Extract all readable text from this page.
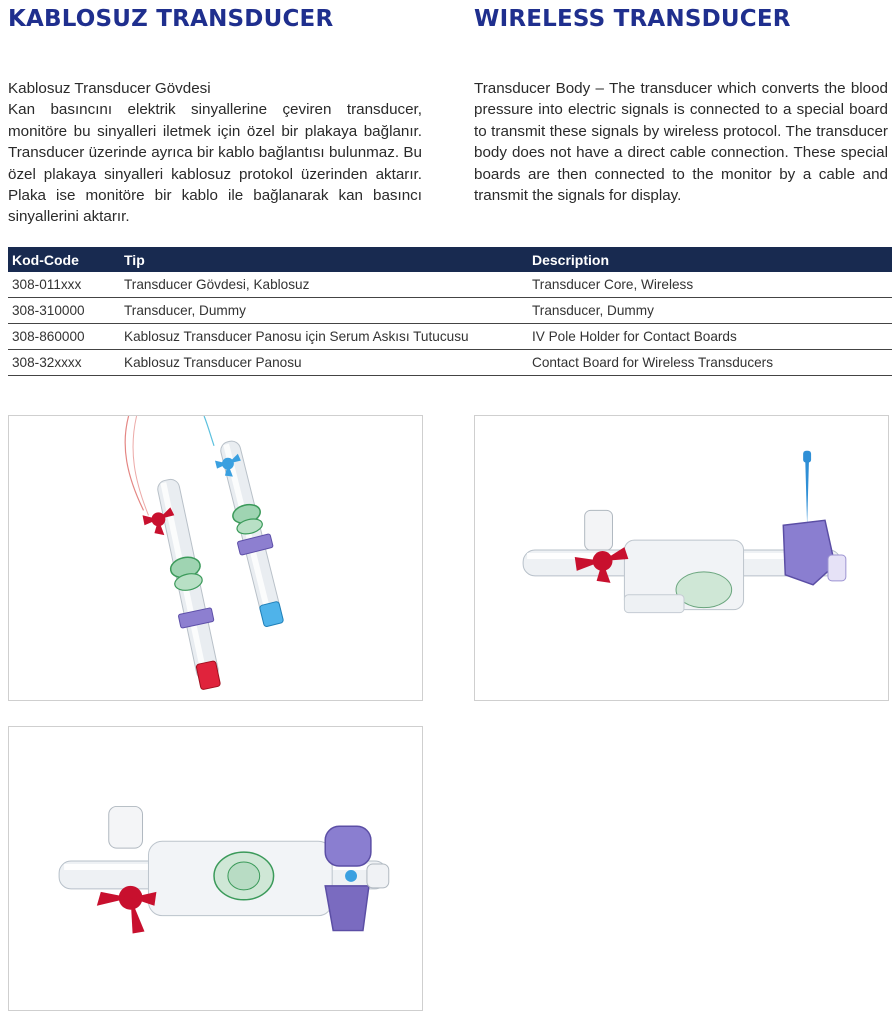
KABLOSUZ TRANSDUCER	WIRELESS TRANSDUCER

Kablosuz Transducer Gövdesi

Kan basıncını elektrik sinyallerine çeviren transducer, monitöre bu sinyalleri iletmek için özel bir plakaya bağlanır. Transducer üzerinde ayrıca bir kablo bağlantısı bulunmaz. Bu özel plakaya sinyalleri kablosuz protokol üzerinden aktarır. Plaka ise monitöre bir kablo ile bağlanarak kan basıncı sinyallerini aktarır.

Transducer Body – The transducer which converts the blood pressure into electric signals is connected to a special board to transmit these signals by wireless protocol. The transducer body does not have a direct cable connection. These special boards are then connected to the monitor by a cable and transmit the signals for display.

Kod-Code	Tip	Description
308-011xxx	Transducer Gövdesi, Kablosuz	Transducer Core, Wireless
308-310000	Transducer, Dummy	Transducer, Dummy
308-860000	Kablosuz Transducer Panosu için Serum Askısı Tutucusu	IV Pole Holder for Contact Boards
308-32xxxx	Kablosuz Transducer Panosu	Contact Board for Wireless Transducers
